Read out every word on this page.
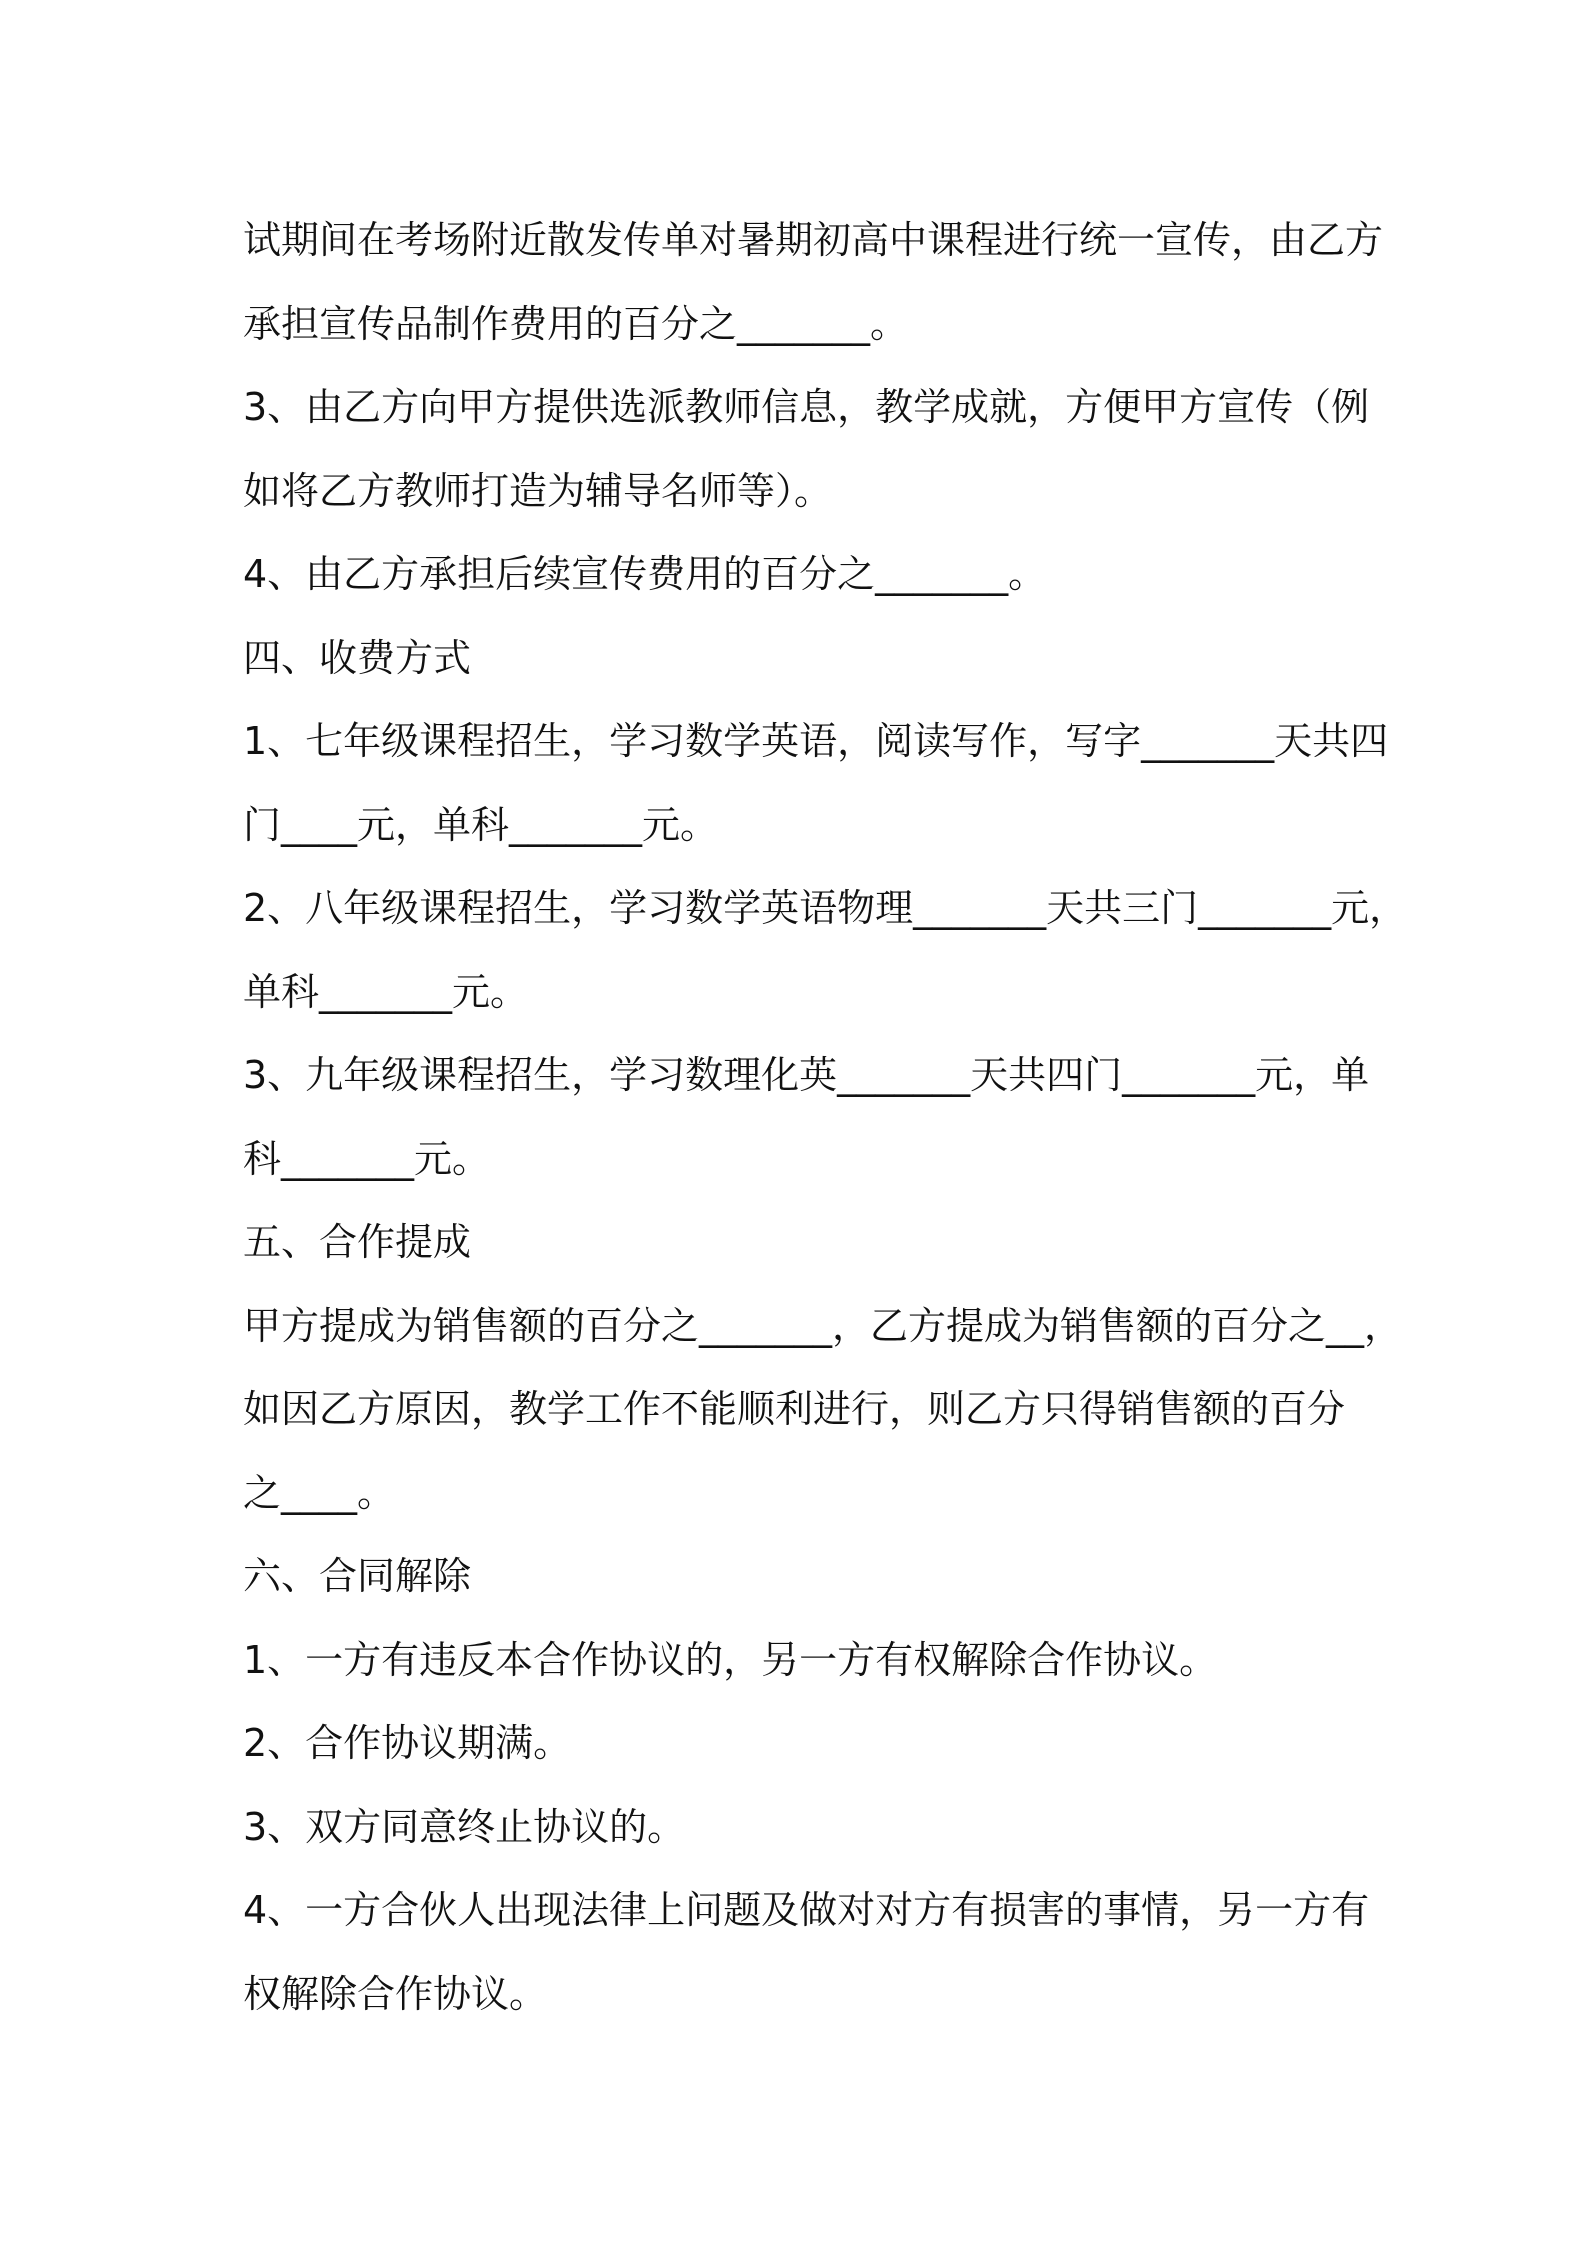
试期间在考场附近散发传单对暑期初高中课程进行统一宣传，由乙方
承担宣传品制作费用的百分之_______。
3、由乙方向甲方提供选派教师信息，教学成就，方便甲方宣传（例
如将乙方教师打造为辅导名师等）。
4、由乙方承担后续宣传费用的百分之_______。
四、收费方式
1、七年级课程招生，学习数学英语，阅读写作，写字_______天共四
门____元，单科_______元。
2、八年级课程招生，学习数学英语物理_______天共三门_______元，
单科_______元。
3、九年级课程招生，学习数理化英_______天共四门_______元，单
科_______元。
五、合作提成
甲方提成为销售额的百分之_______，乙方提成为销售额的百分之__，
如因乙方原因，教学工作不能顺利进行，则乙方只得销售额的百分
之____。
六、合同解除
1、一方有违反本合作协议的，另一方有权解除合作协议。
2、合作协议期满。
3、双方同意终止协议的。
4、一方合伙人出现法律上问题及做对对方有损害的事情，另一方有
权解除合作协议。
